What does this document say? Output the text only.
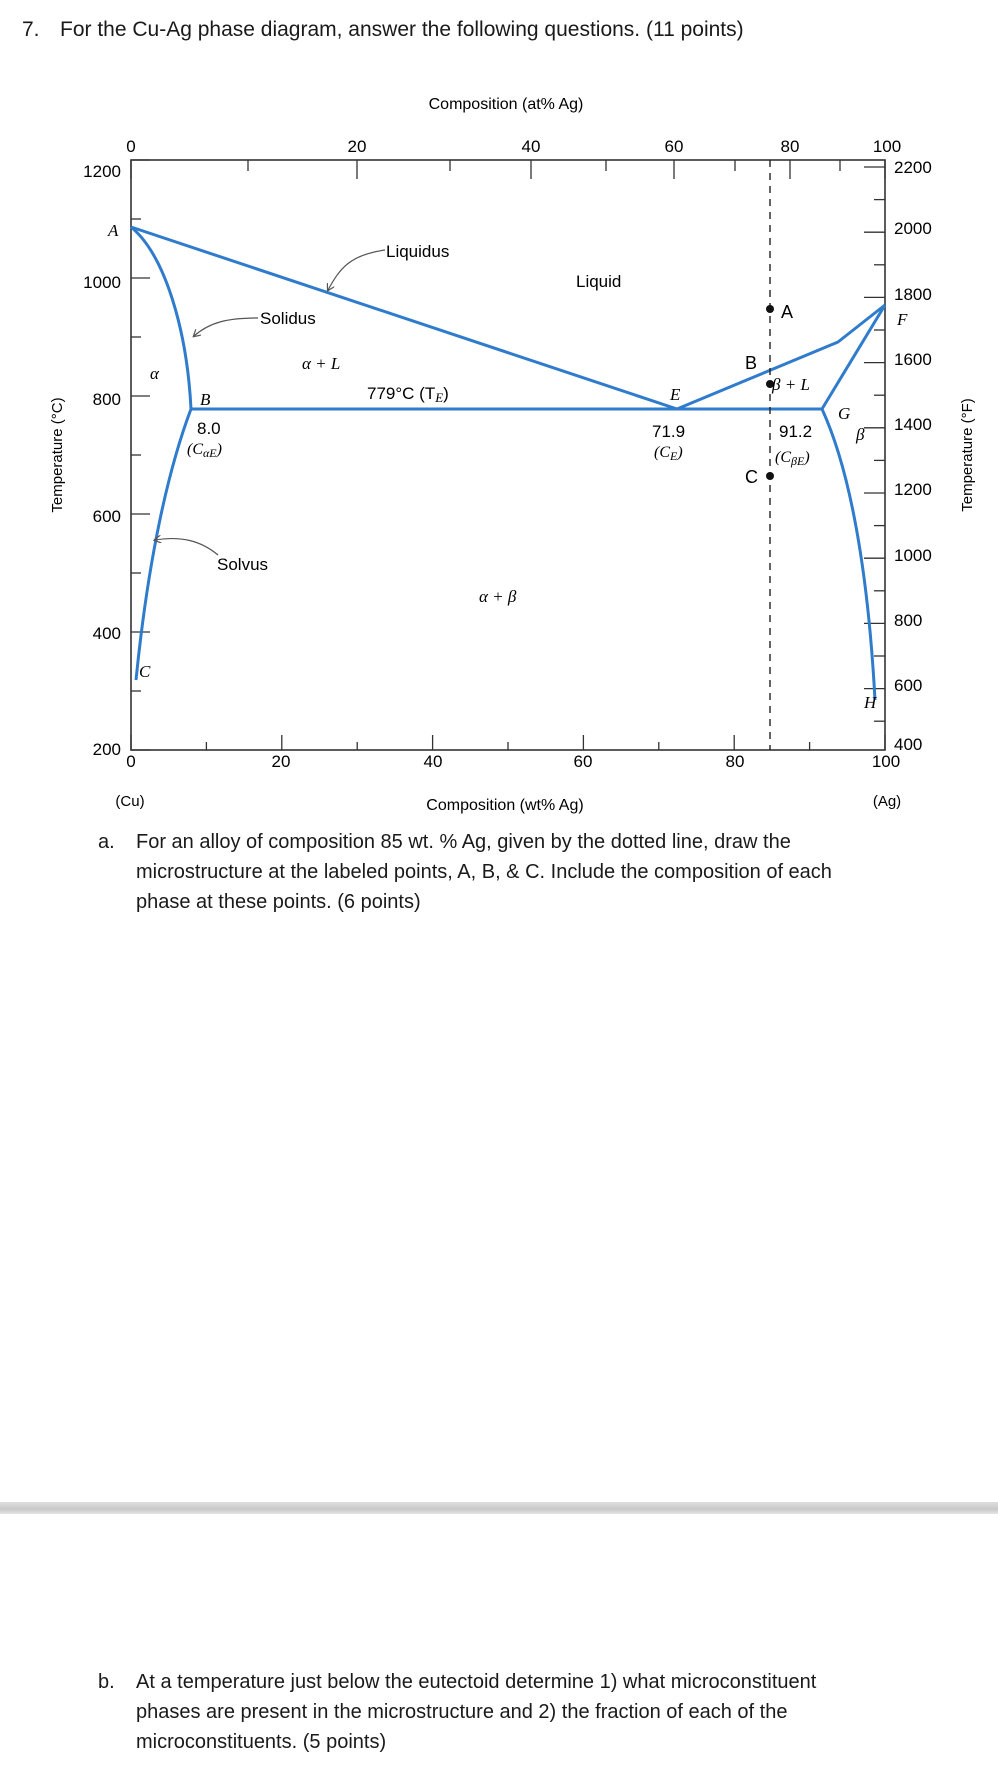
7. For the Cu-Ag phase diagram, answer the following questions. (11 points)
Composition (at% Ag)
Composition (wt% Ag)
Temperature (°C)	Temperature (°F)
(Cu)	(Ag)
0	20	40	60	80	100
0	20	40	60	80	100
1200
1000
800
600
400
200
2200
2000
1800
1600
1400
1200
1000
800
600
400
A
B
C
Liquidus
Solidus
Solvus
Liquid
α
β
α + L
β + L
α + β
779°C (TE)
A
B
C
E
F
G
H
8.0
(CαE)
71.9
(CE)
91.2
(CβE)
a. For an alloy of composition 85 wt. % Ag, given by the dotted line, draw the
microstructure at the labeled points, A, B, & C. Include the composition of each
phase at these points. (6 points)
b. At a temperature just below the eutectoid determine 1) what microconstituent
phases are present in the microstructure and 2) the fraction of each of the
microconstituents. (5 points)
